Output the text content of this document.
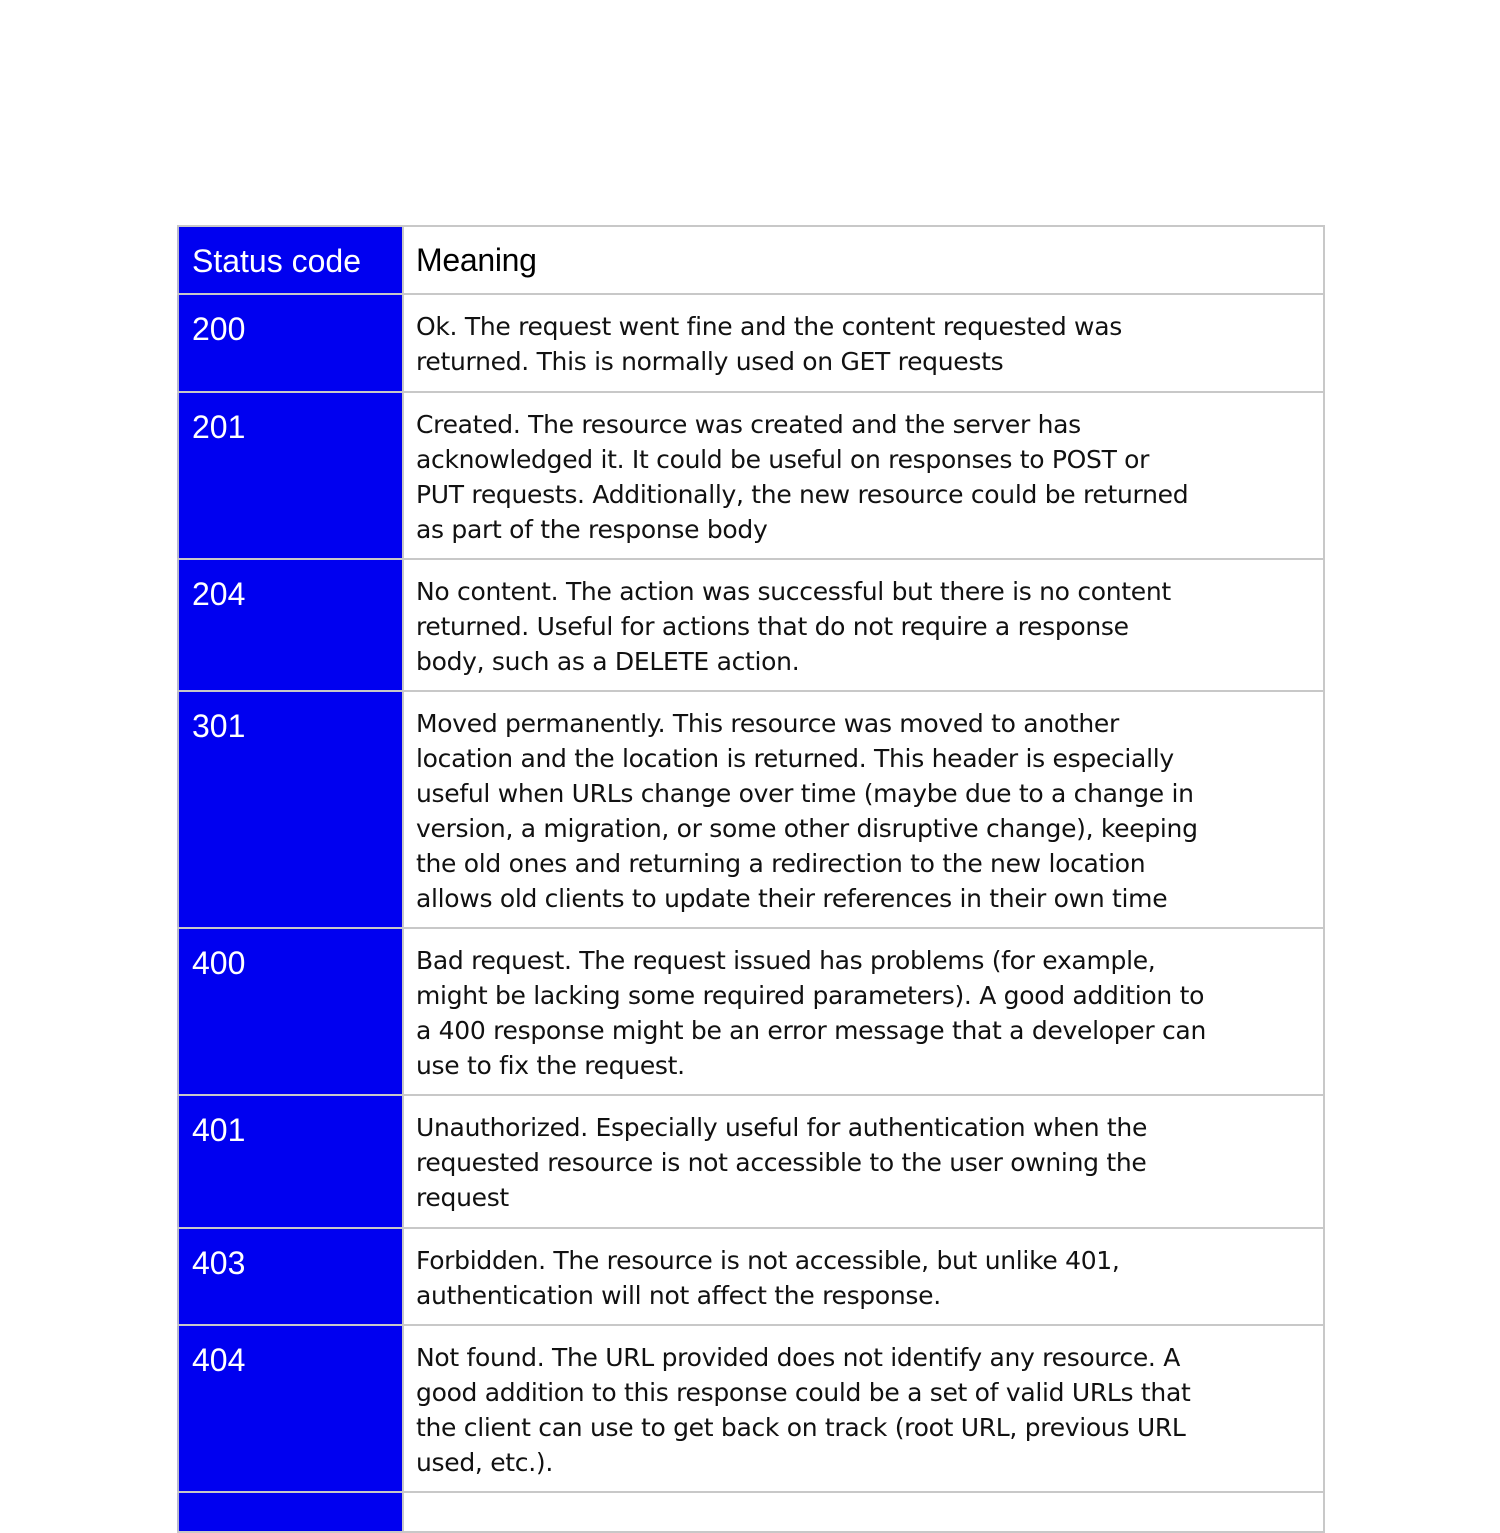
Status code	Meaning
200	Ok. The request went fine and the content requested was
returned. This is normally used on GET requests
201	Created. The resource was created and the server has
acknowledged it. It could be useful on responses to POST or
PUT requests. Additionally, the new resource could be returned
as part of the response body
204	No content. The action was successful but there is no content
returned. Useful for actions that do not require a response
body, such as a DELETE action.
301	Moved permanently. This resource was moved to another
location and the location is returned. This header is especially
useful when URLs change over time (maybe due to a change in
version, a migration, or some other disruptive change), keeping
the old ones and returning a redirection to the new location
allows old clients to update their references in their own time
400	Bad request. The request issued has problems (for example,
might be lacking some required parameters). A good addition to
a 400 response might be an error message that a developer can
use to fix the request.
401	Unauthorized. Especially useful for authentication when the
requested resource is not accessible to the user owning the
request
403	Forbidden. The resource is not accessible, but unlike 401,
authentication will not affect the response.
404	Not found. The URL provided does not identify any resource. A
good addition to this response could be a set of valid URLs that
the client can use to get back on track (root URL, previous URL
used, etc.).
